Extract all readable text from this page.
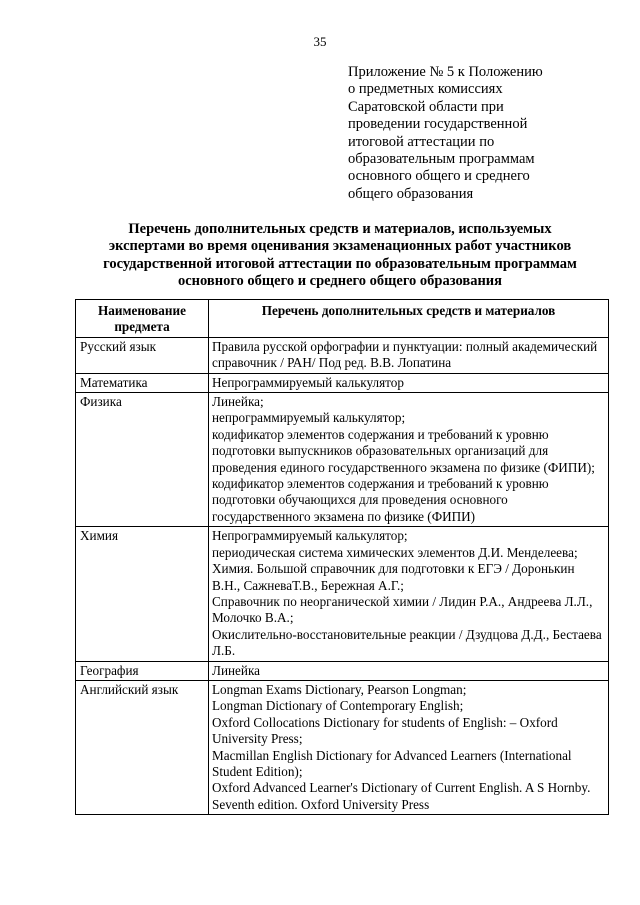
35
Приложение № 5 к Положению
о предметных комиссиях
Саратовской области при
проведении государственной
итоговой аттестации по
образовательным программам
основного общего и среднего
общего образования
Перечень дополнительных средств и материалов, используемых
экспертами во время оценивания экзаменационных работ участников
государственной итоговой аттестации по образовательным программам
основного общего и среднего общего образования
Наименование предмета	Перечень дополнительных средств и материалов
Русский язык	Правила русской орфографии и пунктуации: полный академический справочник / РАН/ Под ред. В.В. Лопатина

Математика	Непрограммируемый калькулятор

Физика	Линейка;
непрограммируемый калькулятор;
кодификатор элементов содержания и требований к уровню подготовки выпускников образовательных организаций для проведения единого государственного экзамена по физике (ФИПИ);
кодификатор элементов содержания и требований к уровню подготовки обучающихся для проведения основного государственного экзамена по физике (ФИПИ)

Химия	Непрограммируемый калькулятор;
периодическая система химических элементов Д.И. Менделеева;
Химия. Большой справочник для подготовки к ЕГЭ / Доронькин В.Н., СажневаТ.В., Бережная А.Г.;
Справочник по неорганической химии / Лидин Р.А., Андреева Л.Л., Молочко В.А.;
Окислительно-восстановительные реакции / Дзудцова Д.Д., Бестаева Л.Б.

География	Линейка

Английский язык	Longman Exams Dictionary, Pearson Longman;
Longman Dictionary of Contemporary English;
Oxford Collocations Dictionary for students of English: – Oxford University Press;
Macmillan English Dictionary for Advanced Learners (International Student Edition);
Oxford Advanced Learner's Dictionary of Current English. A S Hornby. Seventh edition. Oxford University Press
